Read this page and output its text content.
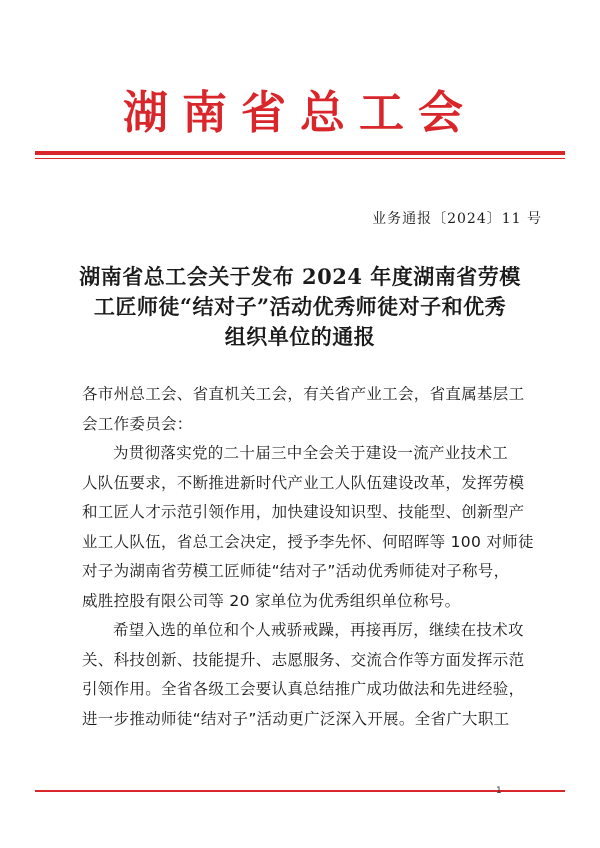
湖南省总工会
业务通报〔2024〕11 号
湖南省总工会关于发布 2024 年度湖南省劳模
工匠师徒“结对子”活动优秀师徒对子和优秀
组织单位的通报
各市州总工会、省直机关工会，有关省产业工会，省直属基层工
会工作委员会：
为贯彻落实党的二十届三中全会关于建设一流产业技术工
人队伍要求，不断推进新时代产业工人队伍建设改革，发挥劳模
和工匠人才示范引领作用，加快建设知识型、技能型、创新型产
业工人队伍，省总工会决定，授予李先怀、何昭晖等 100 对师徒
对子为湖南省劳模工匠师徒“结对子”活动优秀师徒对子称号，
威胜控股有限公司等 20 家单位为优秀组织单位称号。
希望入选的单位和个人戒骄戒躁，再接再厉，继续在技术攻
关、科技创新、技能提升、志愿服务、交流合作等方面发挥示范
引领作用。全省各级工会要认真总结推广成功做法和先进经验，
进一步推动师徒“结对子”活动更广泛深入开展。全省广大职工
1
